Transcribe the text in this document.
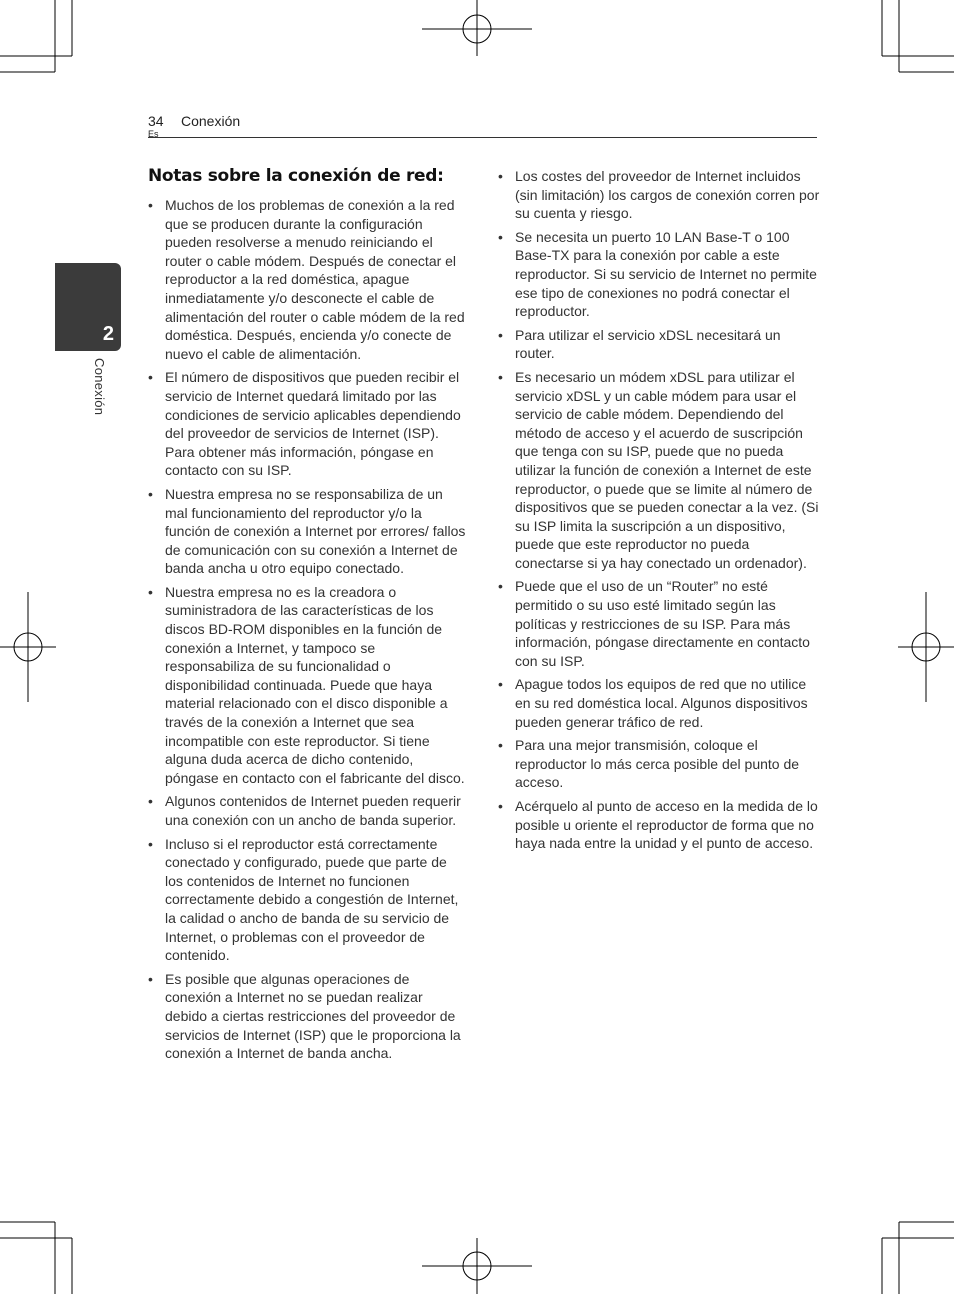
34
Es
Conexión
2
Conexión
Notas sobre la conexión de red:
• Muchos de los problemas de conexión a la red que se producen durante la configuración pueden resolverse a menudo reiniciando el router o cable módem. Después de conectar el reproductor a la red doméstica, apague inmediatamente y/o desconecte el cable de alimentación del router o cable módem de la red doméstica. Después, encienda y/o conecte de nuevo el cable de alimentación.
• El número de dispositivos que pueden recibir el servicio de Internet quedará limitado por las condiciones de servicio aplicables dependiendo del proveedor de servicios de Internet (ISP). Para obtener más información, póngase en contacto con su ISP.
• Nuestra empresa no se responsabiliza de un mal funcionamiento del reproductor y/o la función de conexión a Internet por errores/ fallos de comunicación con su conexión a Internet de banda ancha u otro equipo conectado.
• Nuestra empresa no es la creadora o suministradora de las características de los discos BD-ROM disponibles en la función de conexión a Internet, y tampoco se responsabiliza de su funcionalidad o disponibilidad continuada. Puede que haya material relacionado con el disco disponible a través de la conexión a Internet que sea incompatible con este reproductor. Si tiene alguna duda acerca de dicho contenido, póngase en contacto con el fabricante del disco.
• Algunos contenidos de Internet pueden requerir una conexión con un ancho de banda superior.
• Incluso si el reproductor está correctamente conectado y configurado, puede que parte de los contenidos de Internet no funcionen correctamente debido a congestión de Internet, la calidad o ancho de banda de su servicio de Internet, o problemas con el proveedor de contenido.
• Es posible que algunas operaciones de conexión a Internet no se puedan realizar debido a ciertas restricciones del proveedor de servicios de Internet (ISP) que le proporciona la conexión a Internet de banda ancha.
• Los costes del proveedor de Internet incluidos (sin limitación) los cargos de conexión corren por su cuenta y riesgo.
• Se necesita un puerto 10 LAN Base-T o 100 Base-TX para la conexión por cable a este reproductor. Si su servicio de Internet no permite ese tipo de conexiones no podrá conectar el reproductor.
• Para utilizar el servicio xDSL necesitará un router.
• Es necesario un módem xDSL para utilizar el servicio xDSL y un cable módem para usar el servicio de cable módem. Dependiendo del método de acceso y el acuerdo de suscripción que tenga con su ISP, puede que no pueda utilizar la función de conexión a Internet de este reproductor, o puede que se limite al número de dispositivos que se pueden conectar a la vez. (Si su ISP limita la suscripción a un dispositivo, puede que este reproductor no pueda conectarse si ya hay conectado un ordenador).
• Puede que el uso de un “Router” no esté permitido o su uso esté limitado según las políticas y restricciones de su ISP. Para más información, póngase directamente en contacto con su ISP.
• Apague todos los equipos de red que no utilice en su red doméstica local. Algunos dispositivos pueden generar tráfico de red.
• Para una mejor transmisión, coloque el reproductor lo más cerca posible del punto de acceso.
• Acérquelo al punto de acceso en la medida de lo posible u oriente el reproductor de forma que no haya nada entre la unidad y el punto de acceso.
